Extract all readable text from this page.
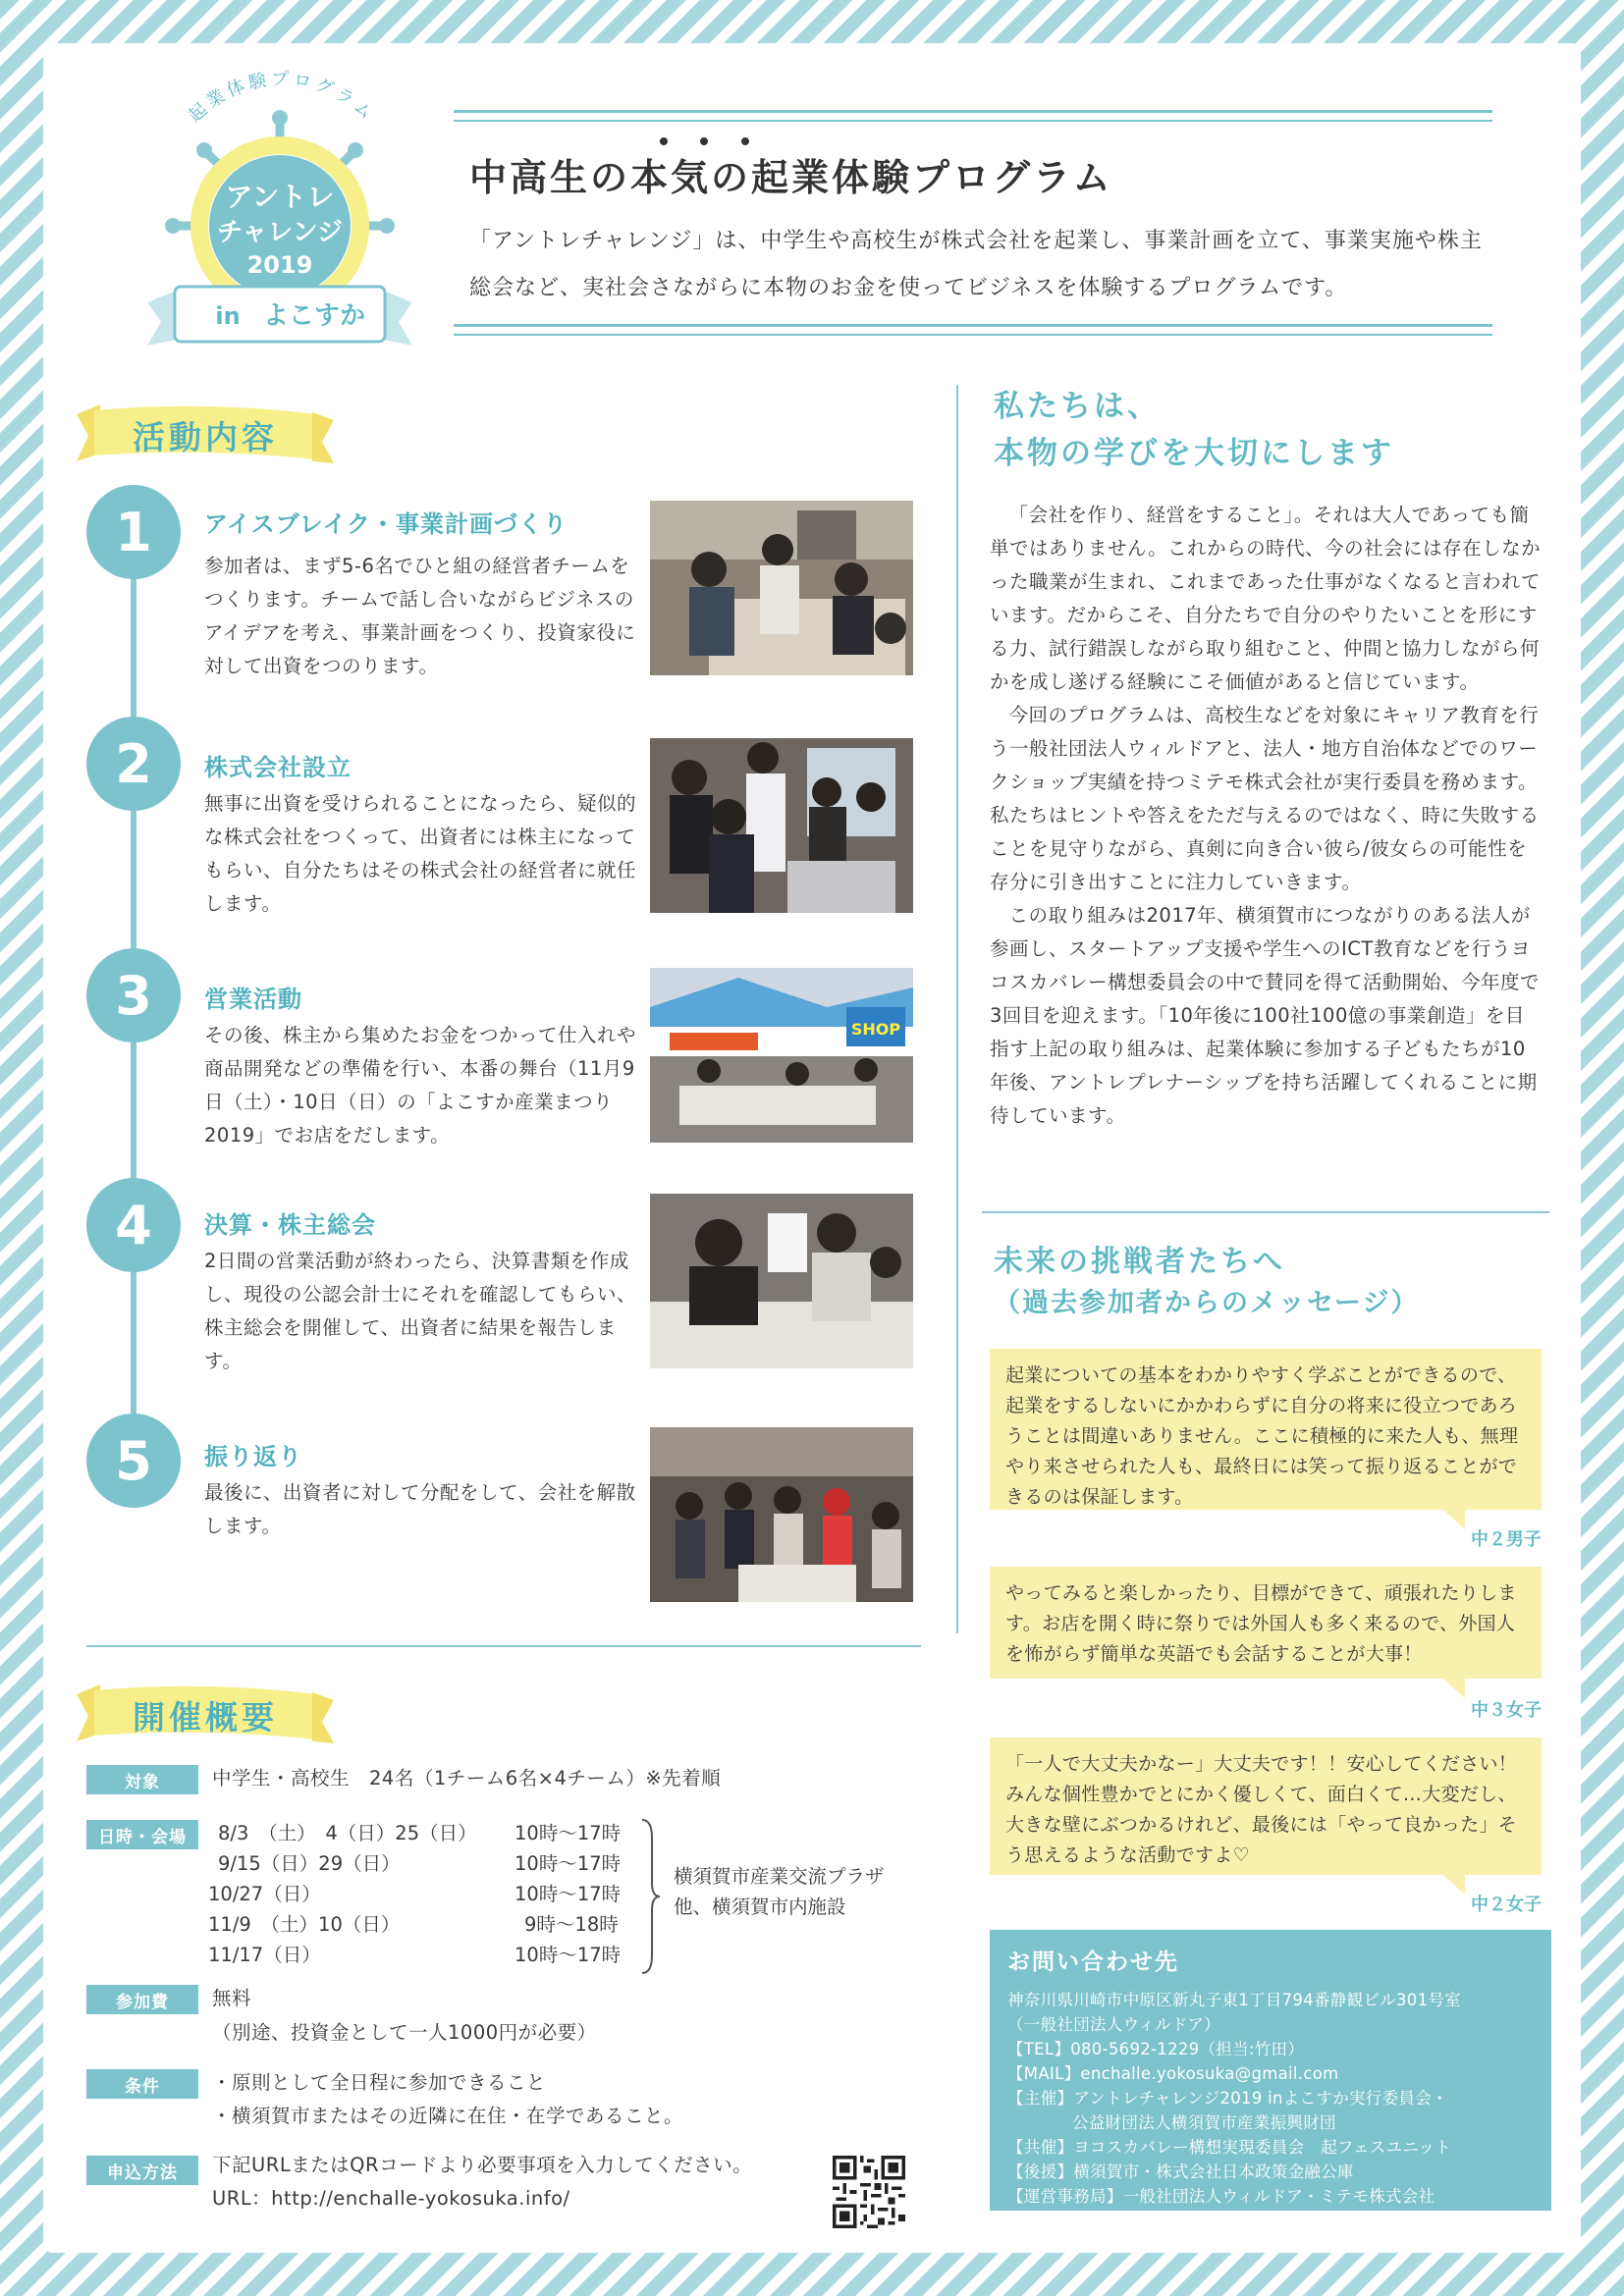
起業体験プログラム
アントレ
チャレンジ
2019
in よこすか
中高生の本気の起業体験プログラム
「アントレチャレンジ」は、中学生や高校生が株式会社を起業し、事業計画を立て、事業実施や株主総会など、実社会さながらに本物のお金を使ってビジネスを体験するプログラムです。
活動内容
1	アイスブレイク・事業計画づくり
参加者は、まず5-6名でひと組の経営者チームをつくります。チームで話し合いながらビジネスのアイデアを考え、事業計画をつくり、投資家役に対して出資をつのります。
2	株式会社設立
無事に出資を受けられることになったら、疑似的な株式会社をつくって、出資者には株主になってもらい、自分たちはその株式会社の経営者に就任します。
3	営業活動
その後、株主から集めたお金をつかって仕入れや商品開発などの準備を行い、本番の舞台（11月9日（土）・10日（日）の「よこすか産業まつり2019」でお店をだします。
SHOP
4	決算・株主総会
2日間の営業活動が終わったら、決算書類を作成し、現役の公認会計士にそれを確認してもらい、株主総会を開催して、出資者に結果を報告します。
5	振り返り
最後に、出資者に対して分配をして、会社を解散します。
開催概要
対象	中学生・高校生　24名（1チーム6名×4チーム）※先着順
日時・会場	8/3　（土）　4（日）25（日） 10時～17時
9/15（日）29（日）	10時～17時
10/27（日）	10時～17時
11/9　（土）10（日）	9時～18時
11/17（日）	10時～17時
横須賀市産業交流プラザ
他、横須賀市内施設
参加費	無料
（別途、投資金として一人1000円が必要）
条件	・原則として全日程に参加できること
・横須賀市またはその近隣に在住・在学であること。
申込方法	下記URLまたはQRコードより必要事項を入力してください。
URL：http://enchalle-yokosuka.info/
私たちは、
本物の学びを大切にします

「会社を作り、経営をすること」。それは大人であっても簡単ではありません。これからの時代、今の社会には存在しなかった職業が生まれ、これまであった仕事がなくなると言われています。だからこそ、自分たちで自分のやりたいことを形にする力、試行錯誤しながら取り組むこと、仲間と協力しながら何かを成し遂げる経験にこそ価値があると信じています。

今回のプログラムは、高校生などを対象にキャリア教育を行う一般社団法人ウィルドアと、法人・地方自治体などでのワークショップ実績を持つミテモ株式会社が実行委員を務めます。私たちはヒントや答えをただ与えるのではなく、時に失敗することを見守りながら、真剣に向き合い彼ら/彼女らの可能性を存分に引き出すことに注力していきます。

この取り組みは2017年、横須賀市につながりのある法人が参画し、スタートアップ支援や学生へのICT教育などを行うヨコスカバレー構想委員会の中で賛同を得て活動開始、今年度で3回目を迎えます。「10年後に100社100億の事業創造」を目指す上記の取り組みは、起業体験に参加する子どもたちが10年後、アントレプレナーシップを持ち活躍してくれることに期待しています。

未来の挑戦者たちへ
（過去参加者からのメッセージ）
起業についての基本をわかりやすく学ぶことができるので、起業をするしないにかかわらずに自分の将来に役立つであろうことは間違いありません。ここに積極的に来た人も、無理やり来させられた人も、最終日には笑って振り返ることができるのは保証します。
中２男子
やってみると楽しかったり、目標ができて、頑張れたりします。お店を開く時に祭りでは外国人も多く来るので、外国人を怖がらず簡単な英語でも会話することが大事！
中３女子
「一人で大丈夫かなー」大丈夫です！！安心してください！みんな個性豊かでとにかく優しくて、面白くて…大変だし、大きな壁にぶつかるけれど、最後には「やって良かった」そう思えるような活動ですよ♡
中２女子
お問い合わせ先
神奈川県川崎市中原区新丸子東1丁目794番静観ビル301号室
（一般社団法人ウィルドア）
【TEL】080-5692-1229（担当:竹田）
【MAIL】enchalle.yokosuka@gmail.com
【主催】アントレチャレンジ2019 inよこすか実行委員会・
公益財団法人横須賀市産業振興財団
【共催】ヨコスカバレー構想実現委員会　起フェスユニット
【後援】横須賀市・株式会社日本政策金融公庫
【運営事務局】一般社団法人ウィルドア・ミテモ株式会社
